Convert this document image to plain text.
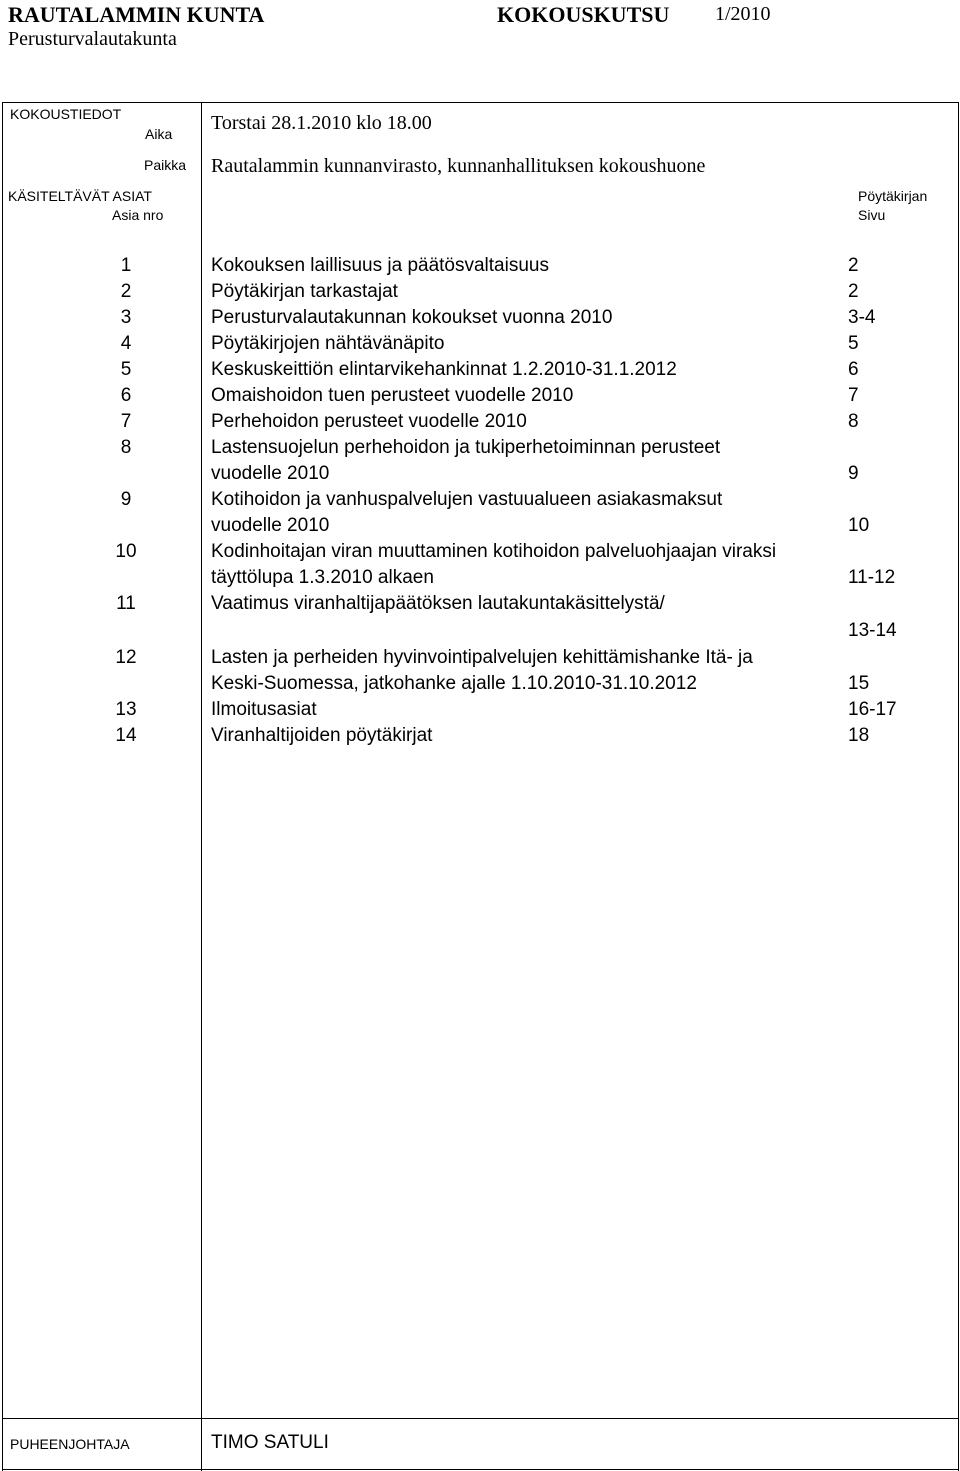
RAUTALAMMIN KUNTA	KOKOUSKUTSU 1/2010
Perusturvalautakunta
KOKOUSTIEDOT
Aika Torstai 28.1.2010 klo 18.00
Paikka Rautalammin kunnanvirasto, kunnanhallituksen kokoushuone
KÄSITELTÄVÄT ASIAT
Asia nro
Pöytäkirjan
Sivu
1	Kokouksen laillisuus ja päätösvaltaisuus	2
2	Pöytäkirjan tarkastajat	2
3	Perusturvalautakunnan kokoukset vuonna 2010	3-4
4	Pöytäkirjojen nähtävänäpito	5
5	Keskuskeittiön elintarvikehankinnat 1.2.2010-31.1.2012	6
6	Omaishoidon tuen perusteet vuodelle 2010	7
7	Perhehoidon perusteet vuodelle 2010	8
8	Lastensuojelun perhehoidon ja tukiperhetoiminnan perusteet
vuodelle 2010	9
9	Kotihoidon ja vanhuspalvelujen vastuualueen asiakasmaksut
vuodelle 2010	10
10	Kodinhoitajan viran muuttaminen kotihoidon palveluohjaajan viraksi
täyttölupa 1.3.2010 alkaen	11-12
11	Vaatimus viranhaltijapäätöksen lautakuntakäsittelystä/
13-14
12	Lasten ja perheiden hyvinvointipalvelujen kehittämishanke Itä- ja
Keski-Suomessa, jatkohanke ajalle 1.10.2010-31.10.2012	15
13	Ilmoitusasiat	16-17
14	Viranhaltijoiden pöytäkirjat	18
PUHEENJOHTAJA	TIMO SATULI
